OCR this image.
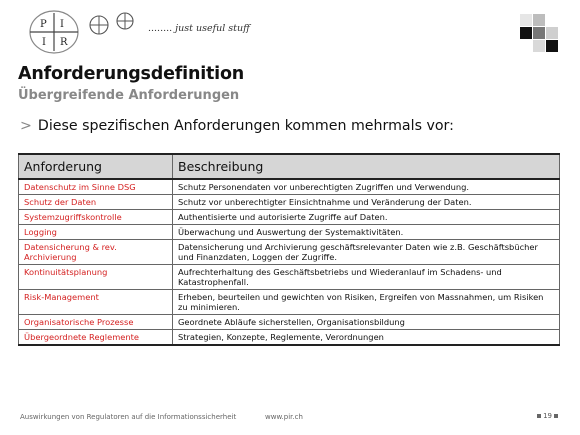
P I
I R
........ just useful stuff
Anforderungsdefinition
Übergreifende Anforderungen
> Diese spezifischen Anforderungen kommen mehrmals vor:
Anforderung	Beschreibung
Datenschutz im Sinne DSG	Schutz Personendaten vor unberechtigten Zugriffen und Verwendung.
Schutz der Daten	Schutz vor unberechtigter Einsichtnahme und Veränderung der Daten.
Systemzugriffskontrolle	Authentisierte und autorisierte Zugriffe auf Daten.
Logging	Überwachung und Auswertung der Systemaktivitäten.
Datensicherung & rev. Archivierung	Datensicherung und Archivierung geschäftsrelevanter Daten wie z.B. Geschäftsbücher und Finanzdaten, Loggen der Zugriffe.
Kontinuitätsplanung	Aufrechterhaltung des Geschäftsbetriebs und Wiederanlauf im Schadens- und Katastrophenfall.
Risk-Management	Erheben, beurteilen und gewichten von Risiken, Ergreifen von Massnahmen, um Risiken zu minimieren.
Organisatorische Prozesse	Geordnete Abläufe sicherstellen, Organisationsbildung
Übergeordnete Reglemente	Strategien, Konzepte, Reglemente, Verordnungen
Auswirkungen von Regulatoren auf die Informationssicherheit	www.pir.ch	19
